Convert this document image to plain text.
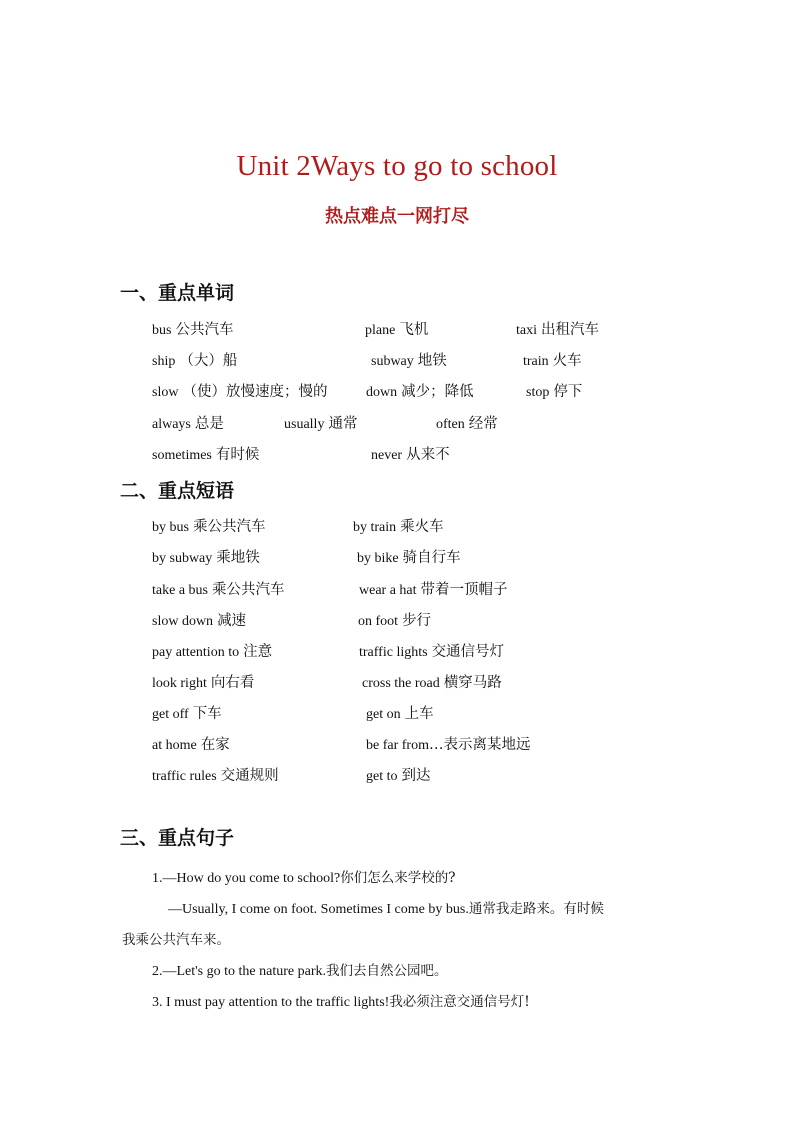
Unit 2Ways to go to school
热点难点一网打尽
一、重点单词
bus 公共汽车	plane 飞机	taxi 出租汽车
ship （大）船	subway 地铁	train 火车
slow （使）放慢速度；慢的	down 减少；降低	stop 停下
always 总是	usually 通常	often 经常
sometimes 有时候	never 从来不
二、重点短语
by bus 乘公共汽车	by train 乘火车
by subway 乘地铁	by bike 骑自行车
take a bus 乘公共汽车	wear a hat 带着一顶帽子
slow down 减速	on foot 步行
pay attention to 注意	traffic lights 交通信号灯
look right 向右看	cross the road 横穿马路
get off 下车	get on 上车
at home 在家	be far from…表示离某地远
traffic rules 交通规则	get to 到达
三、重点句子
1.—How do you come to school?你们怎么来学校的?
—Usually, I come on foot. Sometimes I come by bus.通常我走路来。有时候
我乘公共汽车来。
2.—Let's go to the nature park.我们去自然公园吧。
3. I must pay attention to the traffic lights!我必须注意交通信号灯!
